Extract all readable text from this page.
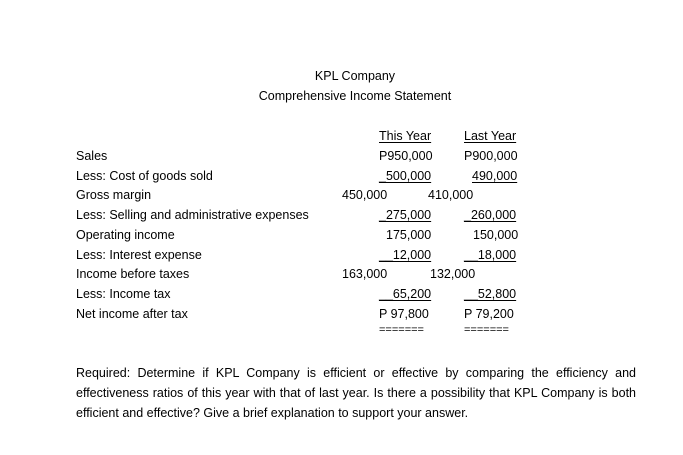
KPL Company
Comprehensive Income Statement
This Year	Last Year
Sales
Less: Cost of goods sold
Gross margin
Less: Selling and administrative expenses
Operating income
Less: Interest expense
Income before taxes
Less: Income tax
Net income after tax
P950,000
_500,000
450,000
_275,000
175,000
__12,000
163,000
__65,200
P 97,800
=======
P900,000
490,000
410,000
_260,000
150,000
__18,000
132,000
__52,800
P 79,200
=======
Required: Determine if KPL Company is efficient or effective by comparing the efficiency and effectiveness ratios of this year with that of last year. Is there a possibility that KPL Company is both efficient and effective? Give a brief explanation to support your answer.
